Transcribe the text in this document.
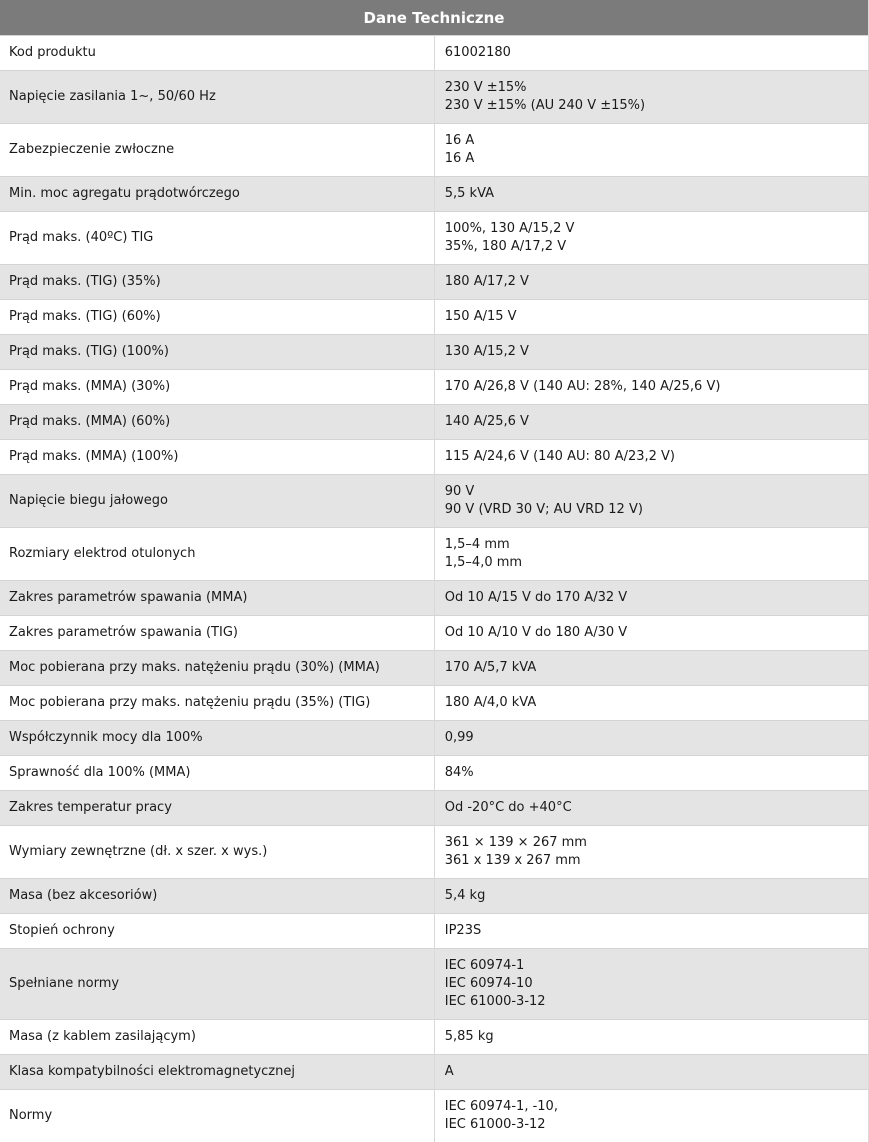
Dane Techniczne	
Kod produktu	61002180

Napięcie zasilania 1~, 50/60 Hz	230 V ±15%
230 V ±15% (AU 240 V ±15%)

Zabezpieczenie zwłoczne	16 A
16 A

Min. moc agregatu prądotwórczego	5,5 kVA

Prąd maks. (40ºC) TIG	100%, 130 A/15,2 V
35%, 180 A/17,2 V

Prąd maks. (TIG) (35%)	180 A/17,2 V

Prąd maks. (TIG) (60%)	150 A/15 V

Prąd maks. (TIG) (100%)	130 A/15,2 V

Prąd maks. (MMA) (30%)	170 A/26,8 V (140 AU: 28%, 140 A/25,6 V)

Prąd maks. (MMA) (60%)	140 A/25,6 V

Prąd maks. (MMA) (100%)	115 A/24,6 V (140 AU: 80 A/23,2 V)

Napięcie biegu jałowego	90 V
90 V (VRD 30 V; AU VRD 12 V)

Rozmiary elektrod otulonych	1,5–4 mm
1,5–4,0 mm

Zakres parametrów spawania (MMA)	Od 10 A/15 V do 170 A/32 V

Zakres parametrów spawania (TIG)	Od 10 A/10 V do 180 A/30 V

Moc pobierana przy maks. natężeniu prądu (30%) (MMA)	170 A/5,7 kVA

Moc pobierana przy maks. natężeniu prądu (35%) (TIG)	180 A/4,0 kVA

Współczynnik mocy dla 100%	0,99

Sprawność dla 100% (MMA)	84%

Zakres temperatur pracy	Od -20°C do +40°C

Wymiary zewnętrzne (dł. x szer. x wys.)	361 × 139 × 267 mm
361 x 139 x 267 mm

Masa (bez akcesoriów)	5,4 kg

Stopień ochrony	IP23S

Spełniane normy	IEC 60974-1
IEC 60974-10
IEC 61000-3-12

Masa (z kablem zasilającym)	5,85 kg

Klasa kompatybilności elektromagnetycznej	A

Normy	IEC 60974-1, -10,
IEC 61000-3-12
